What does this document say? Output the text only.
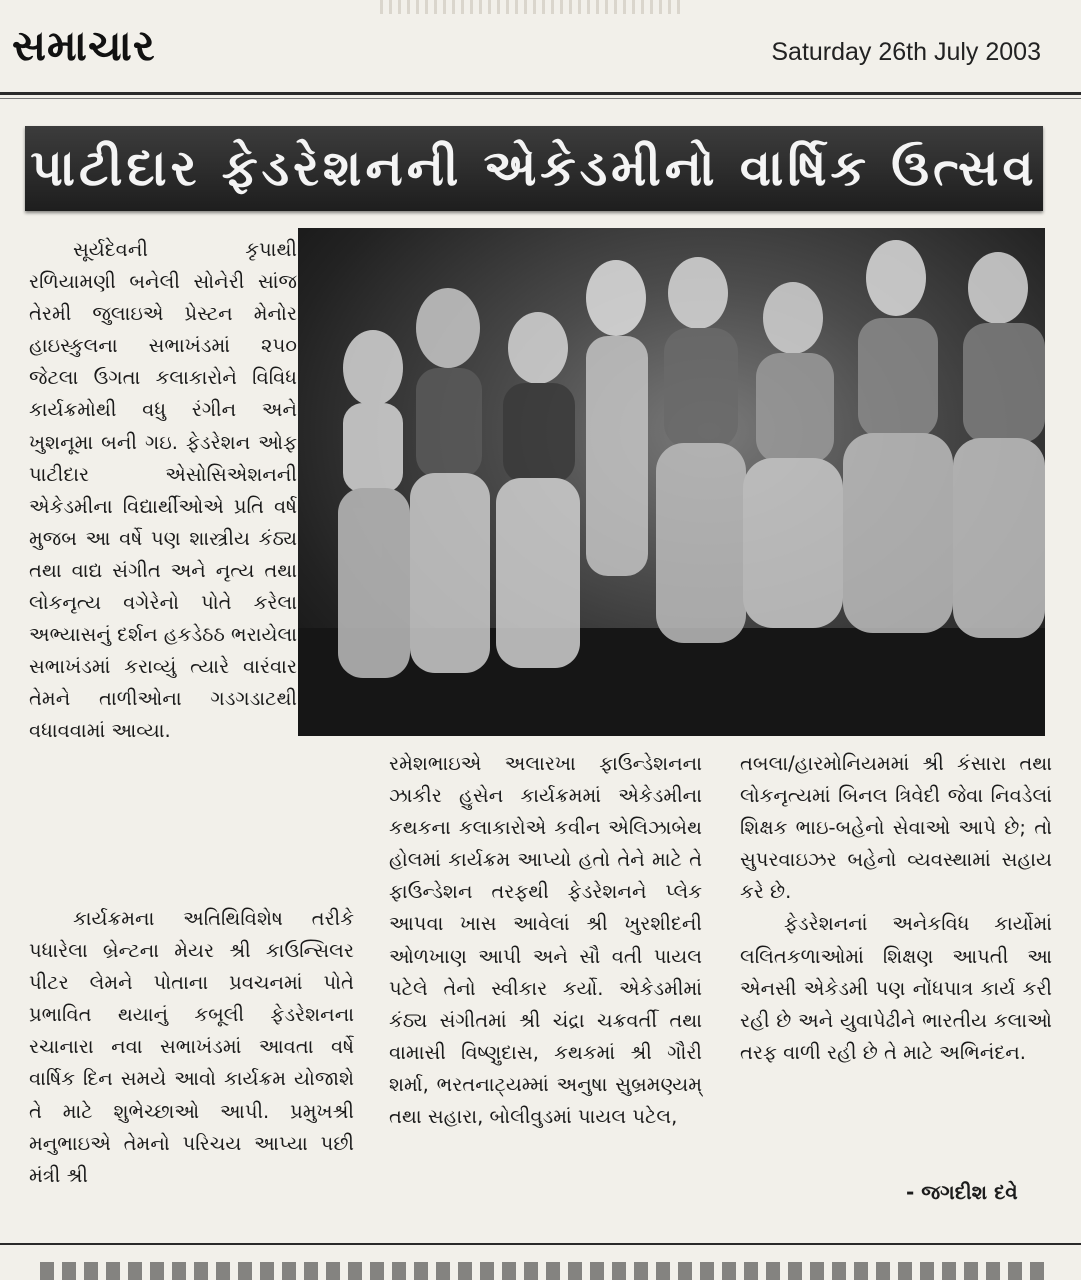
સમાચાર	Saturday 26th July 2003
પાટીદાર ફેડરેશનની એકેડમીનો વાર્ષિક ઉત્સવ

સૂર્યદેવની કૃપાથી રળિયામણી બનેલી સોનેરી સાંજ તેરમી જુલાઇએ પ્રેસ્ટન મેનોર હાઇસ્કુલના સભાખંડમાં ૨૫૦ જેટલા ઉગતા કલાકારોને વિવિધ કાર્યક્રમોથી વધુ રંગીન અને ખુશનૂમા બની ગઇ. ફેડરેશન ઓફ પાટીદાર એસોસિએશનની એકેડમીના વિદ્યાર્થીઓએ પ્રતિ વર્ષ મુજબ આ વર્ષે પણ શાસ્ત્રીય કંઠ્ય તથા વાદ્ય સંગીત અને નૃત્ય તથા લોકનૃત્ય વગેરેનો પોતે કરેલા અભ્યાસનું દર્શન હકડેઠઠ ભરાયેલા સભાખંડમાં કરાવ્યું ત્યારે વારંવાર તેમને તાળીઓના ગડગડાટથી વધાવવામાં આવ્યા.

કાર્યક્રમના અતિથિવિશેષ તરીકે પધારેલા બ્રેન્ટના મેયર શ્રી કાઉન્સિલર પીટર લેમને પોતાના પ્રવચનમાં પોતે પ્રભાવિત થયાનું કબૂલી ફેડરેશનના રચાનારા નવા સભાખંડમાં આવતા વર્ષે વાર્ષિક દિન સમયે આવો કાર્યક્રમ યોજાશે તે માટે શુભેચ્છાઓ આપી. પ્રમુખશ્રી મનુભાઇએ તેમનો પરિચય આપ્યા પછી મંત્રી શ્રી

રમેશભાઇએ અલારખા ફાઉન્ડેશનના ઝાકીર હુસેન કાર્યક્રમમાં એકેડમીના કથકના કલાકારોએ કવીન એલિઝાબેથ હોલમાં કાર્યક્રમ આપ્યો હતો તેને માટે તે ફાઉન્ડેશન તરફથી ફેડરેશનને પ્લેક આપવા ખાસ આવેલાં શ્રી ખુરશીદની ઓળખાણ આપી અને સૌ વતી પાયલ પટેલે તેનો સ્વીકાર કર્યો. એકેડમીમાં કંઠ્ય સંગીતમાં શ્રી ચંદ્રા ચક્રવર્તી તથા વામાસી વિષ્ણુદાસ, કથકમાં શ્રી ગૌરી શર્મા, ભરતનાટ્યમ્માં અનુષા સુબ્રમણ્યમ્ તથા સહારા, બોલીવુડમાં પાયલ પટેલ,

તબલા/હારમોનિયમમાં શ્રી કંસારા તથા લોકનૃત્યમાં બિનલ ત્રિવેદી જેવા નિવડેલાં શિક્ષક ભાઇ-બહેનો સેવાઓ આપે છે; તો સુપરવાઇઝર બહેનો વ્યવસ્થામાં સહાય કરે છે.

ફેડરેશનનાં અનેકવિધ કાર્યોમાં લલિતકળાઓમાં શિક્ષણ આપતી આ એનસી એકેડમી પણ નોંધપાત્ર કાર્ય કરી રહી છે અને યુવાપેઢીને ભારતીય કલાઓ તરફ વાળી રહી છે તે માટે અભિનંદન.

- જગદીશ દવે
